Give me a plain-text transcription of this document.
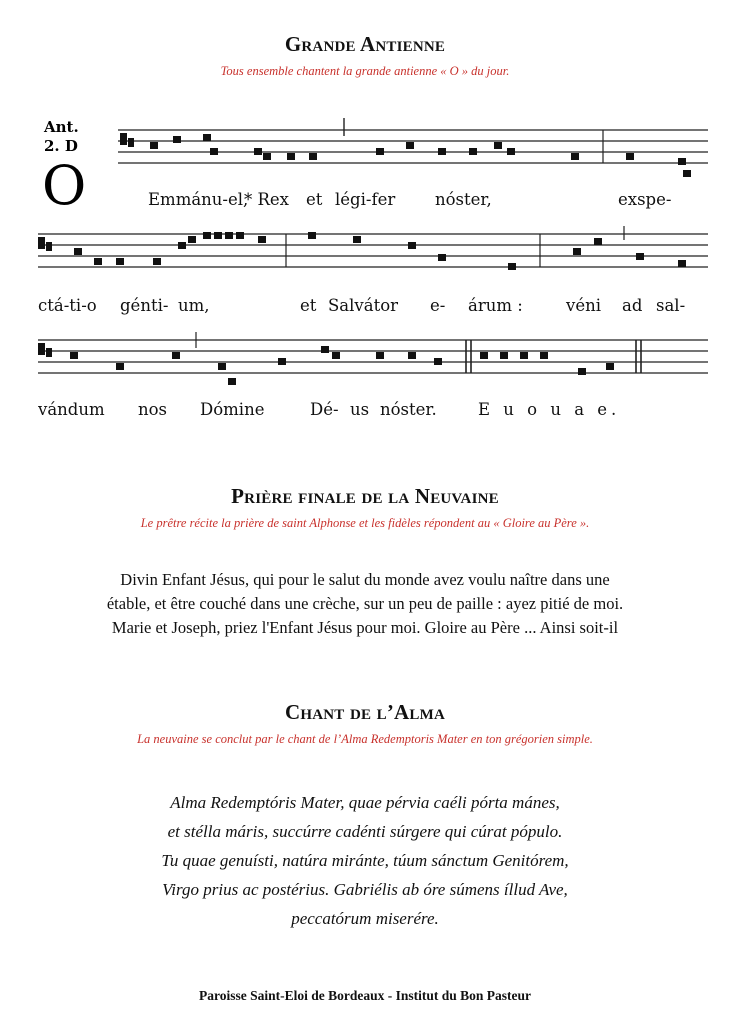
Grande Antienne
Tous ensemble chantent la grande antienne « O » du jour.
Ant.
2. D
O	Emmánu-el,
* Rex et légi-fer nóster,	exspe-
ctá-ti-o génti- um,	et Salvátor e- árum :	véni ad sal-
vándum nos Dómine	Dé- us nóster.	E u o u a e.
Prière finale de la Neuvaine
Le prêtre récite la prière de saint Alphonse et les fidèles répondent au « Gloire au Père ».

Divin Enfant Jésus, qui pour le salut du monde avez voulu naître dans une

étable, et être couché dans une crèche, sur un peu de paille : ayez pitié de moi.

Marie et Joseph, priez l'Enfant Jésus pour moi. Gloire au Père ... Ainsi soit-il

Chant de l’Alma
La neuvaine se conclut par le chant de l’Alma Redemptoris Mater en ton grégorien simple.

Alma Redemptóris Mater, quae pérvia caéli pórta mánes,

et stélla máris, succúrre cadénti súrgere qui cúrat pópulo.

Tu quae genuísti, natúra miránte, túum sánctum Genitórem,

Virgo prius ac postérius. Gabriélis ab óre súmens íllud Ave,

peccatórum miserére.

Paroisse Saint-Eloi de Bordeaux - Institut du Bon Pasteur
